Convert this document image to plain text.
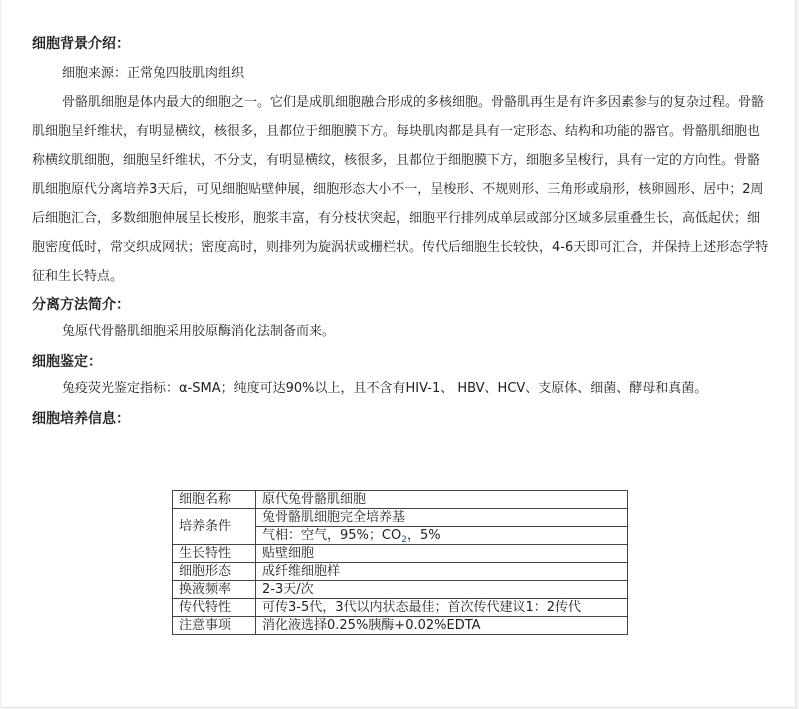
细胞背景介绍：

细胞来源：正常兔四肢肌肉组织

骨骼肌细胞是体内最大的细胞之一。它们是成肌细胞融合形成的多核细胞。骨骼肌再生是有许多因素参与的复杂过程。骨骼肌细胞呈纤维状，有明显横纹，核很多，且都位于细胞膜下方。每块肌肉都是具有一定形态、结构和功能的器官。骨骼肌细胞也称横纹肌细胞，细胞呈纤维状，不分支，有明显横纹，核很多，且都位于细胞膜下方，细胞多呈梭行，具有一定的方向性。骨骼肌细胞原代分离培养3天后，可见细胞贴壁伸展，细胞形态大小不一，呈梭形、不规则形、三角形或扇形，核卵圆形、居中；2周后细胞汇合，多数细胞伸展呈长梭形，胞浆丰富，有分枝状突起，细胞平行排列成单层或部分区域多层重叠生长，高低起伏；细胞密度低时，常交织成网状；密度高时，则排列为旋涡状或栅栏状。传代后细胞生长较快，4-6天即可汇合，并保持上述形态学特征和生长特点。

分离方法简介：

兔原代骨骼肌细胞采用胶原酶消化法制备而来。

细胞鉴定：

兔疫荧光鉴定指标：α-SMA；纯度可达90%以上，且不含有HIV-1、 HBV、HCV、支原体、细菌、酵母和真菌。

细胞培养信息：
细胞名称	原代兔骨骼肌细胞
培养条件	兔骨骼肌细胞完全培养基
	气相：空气，95%；$CO_2$，5%
生长特性	贴壁细胞
细胞形态	成纤维细胞样
换液频率	2-3天/次
传代特性	可传3-5代，3代以内状态最佳；首次传代建议1：2传代
注意事项	消化液选择0.25%胰酶+0.02%EDTA
